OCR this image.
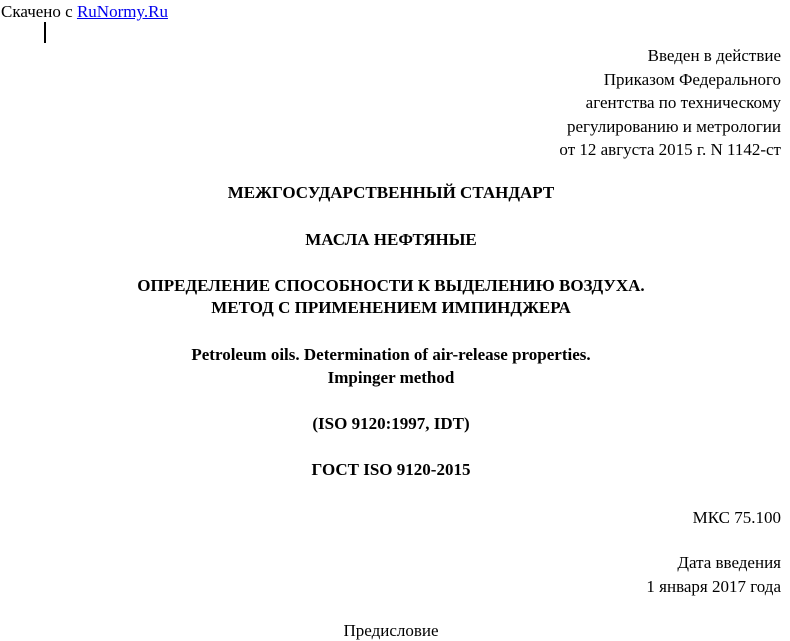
Скачено с RuNormy.Ru
Введен в действие
Приказом Федерального
агентства по техническому
регулированию и метрологии
от 12 августа 2015 г. N 1142-ст
МЕЖГОСУДАРСТВЕННЫЙ СТАНДАРТ
МАСЛА НЕФТЯНЫЕ
ОПРЕДЕЛЕНИЕ СПОСОБНОСТИ К ВЫДЕЛЕНИЮ ВОЗДУХА.
МЕТОД С ПРИМЕНЕНИЕМ ИМПИНДЖЕРА
Petroleum oils. Determination of air-release properties.
Impinger method
(ISO 9120:1997, IDT)
ГОСТ ISO 9120-2015
МКС 75.100
Дата введения
1 января 2017 года
Предисловие
